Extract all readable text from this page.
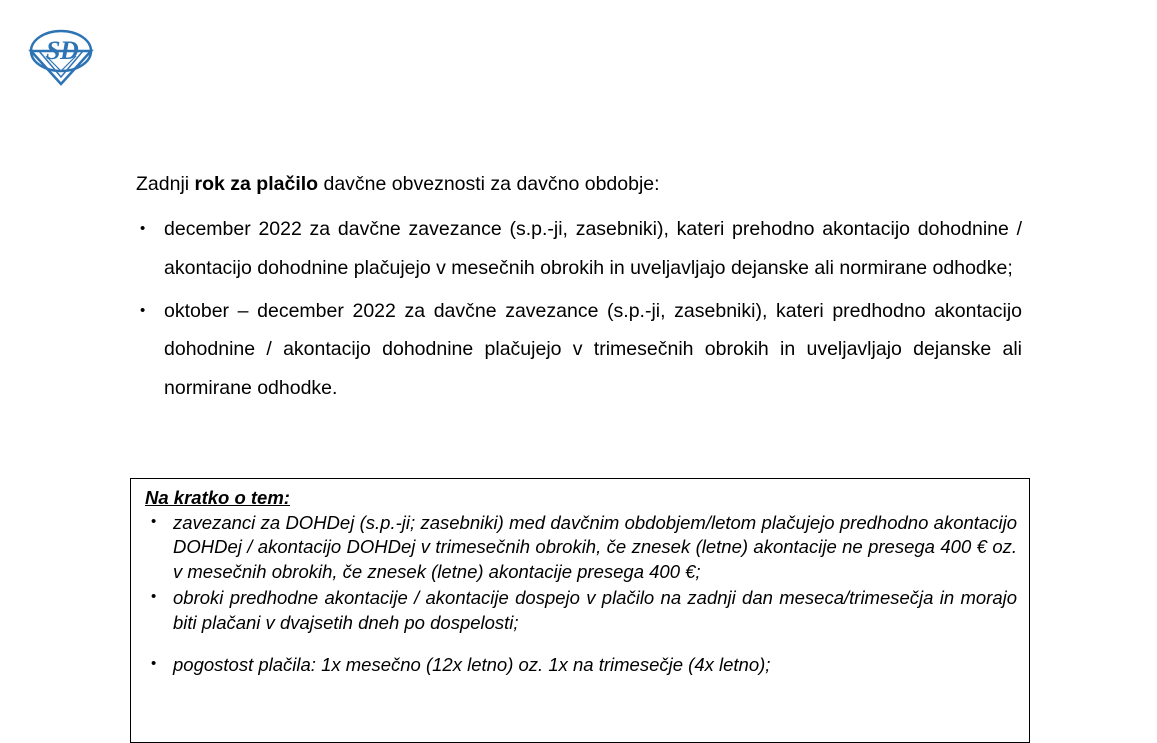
S D

Zadnji rok za plačilo davčne obveznosti za davčno obdobje:

• december 2022 za davčne zavezance (s.p.-ji, zasebniki), kateri prehodno akontacijo dohodnine / akontacijo dohodnine plačujejo v mesečnih obrokih in uveljavljajo dejanske ali normirane odhodke;
• oktober – december 2022 za davčne zavezance (s.p.-ji, zasebniki), kateri predhodno akontacijo dohodnine / akontacijo dohodnine plačujejo v trimesečnih obrokih in uveljavljajo dejanske ali normirane odhodke.
Na kratko o tem:
• zavezanci za DOHDej (s.p.-ji; zasebniki) med davčnim obdobjem/letom plačujejo predhodno akontacijo DOHDej / akontacijo DOHDej v trimesečnih obrokih, če znesek (letne) akontacije ne presega 400 € oz. v mesečnih obrokih, če znesek (letne) akontacije presega 400 €;
• obroki predhodne akontacije / akontacije dospejo v plačilo na zadnji dan meseca/trimesečja in morajo biti plačani v dvajsetih dneh po dospelosti;
• pogostost plačila: 1x mesečno (12x letno) oz. 1x na trimesečje (4x letno);
